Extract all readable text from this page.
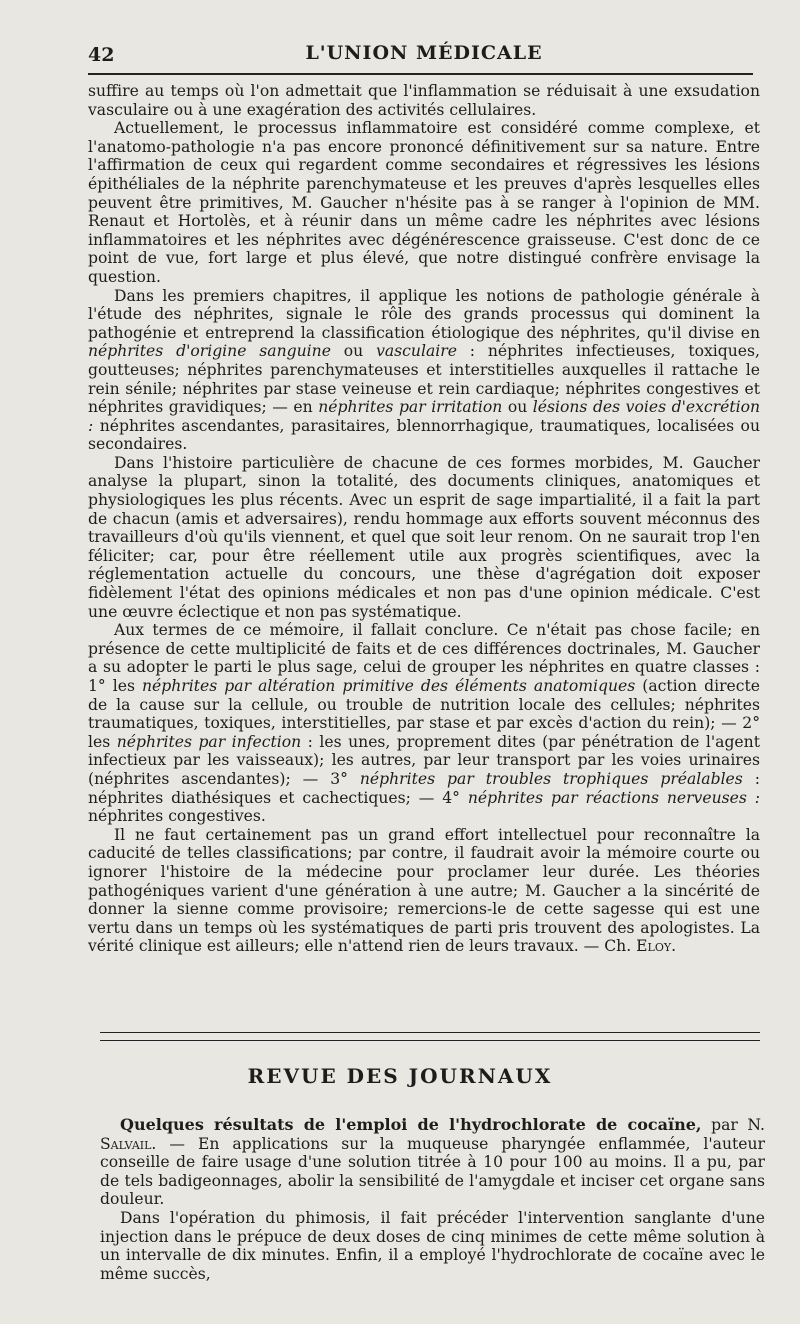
42	L'UNION MÉDICALE

suffire au temps où l'on admettait que l'inflammation se réduisait à une exsudation vasculaire ou à une exagération des activités cellulaires.

Actuellement, le processus inflammatoire est considéré comme complexe, et l'anatomo-pathologie n'a pas encore prononcé définitivement sur sa nature. Entre l'affirmation de ceux qui regardent comme secondaires et régressives les lésions épithéliales de la néphrite parenchymateuse et les preuves d'après lesquelles elles peuvent être primitives, M. Gaucher n'hésite pas à se ranger à l'opinion de MM. Renaut et Hortolès, et à réunir dans un même cadre les néphrites avec lésions inflammatoires et les néphrites avec dégénérescence graisseuse. C'est donc de ce point de vue, fort large et plus élevé, que notre distingué confrère envisage la question.

Dans les premiers chapitres, il applique les notions de pathologie générale à l'étude des néphrites, signale le rôle des grands processus qui dominent la pathogénie et entreprend la classification étiologique des néphrites, qu'il divise en néphrites d'origine sanguine ou vasculaire : néphrites infectieuses, toxiques, goutteuses; néphrites parenchymateuses et interstitielles auxquelles il rattache le rein sénile; néphrites par stase veineuse et rein cardiaque; néphrites congestives et néphrites gravidiques; — en néphrites par irritation ou lésions des voies d'excrétion : néphrites ascendantes, parasitaires, blennorrhagique, traumatiques, localisées ou secondaires.

Dans l'histoire particulière de chacune de ces formes morbides, M. Gaucher analyse la plupart, sinon la totalité, des documents cliniques, anatomiques et physiologiques les plus récents. Avec un esprit de sage impartialité, il a fait la part de chacun (amis et adversaires), rendu hommage aux efforts souvent méconnus des travailleurs d'où qu'ils viennent, et quel que soit leur renom. On ne saurait trop l'en féliciter; car, pour être réellement utile aux progrès scientifiques, avec la réglementation actuelle du concours, une thèse d'agrégation doit exposer fidèlement l'état des opinions médicales et non pas d'une opinion médicale. C'est une œuvre éclectique et non pas systématique.

Aux termes de ce mémoire, il fallait conclure. Ce n'était pas chose facile; en présence de cette multiplicité de faits et de ces différences doctrinales, M. Gaucher a su adopter le parti le plus sage, celui de grouper les néphrites en quatre classes : 1° les néphrites par altération primitive des éléments anatomiques (action directe de la cause sur la cellule, ou trouble de nutrition locale des cellules; néphrites traumatiques, toxiques, interstitielles, par stase et par excès d'action du rein); — 2° les néphrites par infection : les unes, proprement dites (par pénétration de l'agent infectieux par les vaisseaux); les autres, par leur transport par les voies urinaires (néphrites ascendantes); — 3° néphrites par troubles trophiques préalables : néphrites diathésiques et cachectiques; — 4° néphrites par réactions nerveuses : néphrites congestives.

Il ne faut certainement pas un grand effort intellectuel pour reconnaître la caducité de telles classifications; par contre, il faudrait avoir la mémoire courte ou ignorer l'histoire de la médecine pour proclamer leur durée. Les théories pathogéniques varient d'une génération à une autre; M. Gaucher a la sincérité de donner la sienne comme provisoire; remercions-le de cette sagesse qui est une vertu dans un temps où les systématiques de parti pris trouvent des apologistes. La vérité clinique est ailleurs; elle n'attend rien de leurs travaux. — Ch. Eloy.

REVUE DES JOURNAUX

Quelques résultats de l'emploi de l'hydrochlorate de cocaïne, par N. Salvail. — En applications sur la muqueuse pharyngée enflammée, l'auteur conseille de faire usage d'une solution titrée à 10 pour 100 au moins. Il a pu, par de tels badigeonnages, abolir la sensibilité de l'amygdale et inciser cet organe sans douleur.

Dans l'opération du phimosis, il fait précéder l'intervention sanglante d'une injection dans le prépuce de deux doses de cinq minimes de cette même solution à un intervalle de dix minutes. Enfin, il a employé l'hydrochlorate de cocaïne avec le même succès,
